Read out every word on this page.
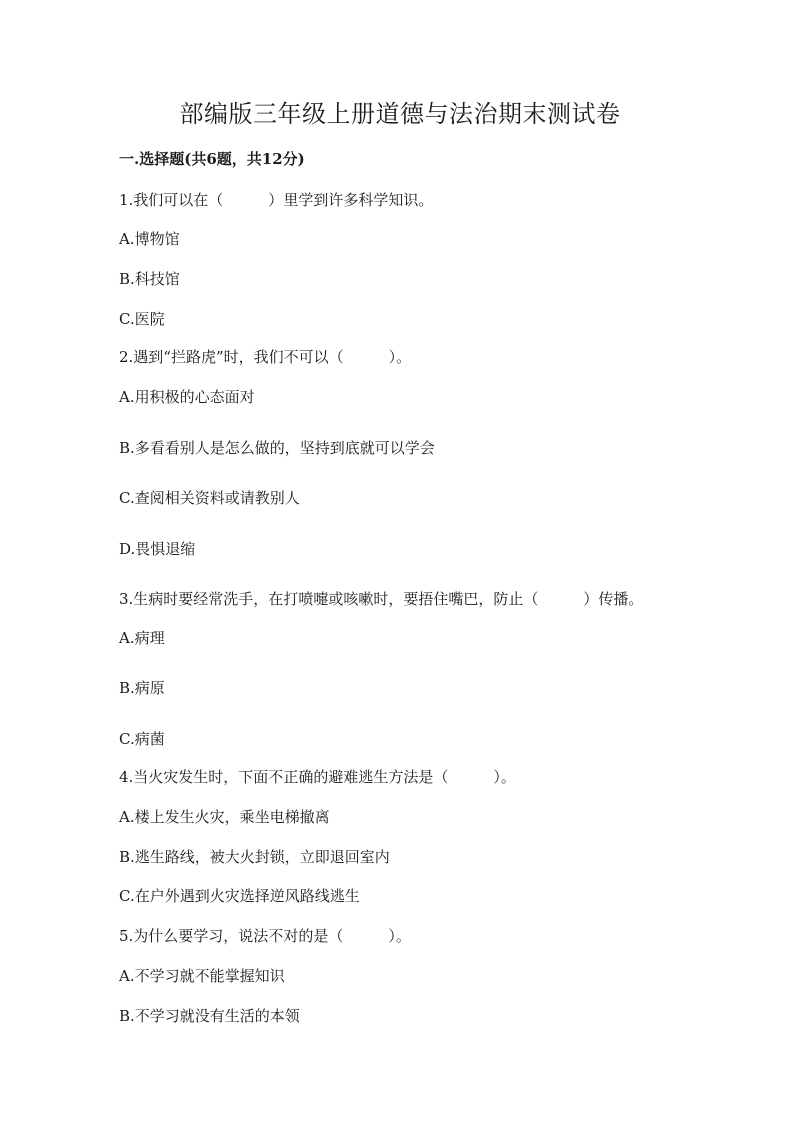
部编版三年级上册道德与法治期末测试卷
一.选择题(共6题，共12分)
1.我们可以在（　　　）里学到许多科学知识。
A.博物馆
B.科技馆
C.医院
2.遇到“拦路虎”时，我们不可以（　　　）。
A.用积极的心态面对
B.多看看别人是怎么做的，坚持到底就可以学会
C.查阅相关资料或请教别人
D.畏惧退缩
3.生病时要经常洗手，在打喷嚏或咳嗽时，要捂住嘴巴，防止（　　　）传播。
A.病理
B.病原
C.病菌
4.当火灾发生时，下面不正确的避难逃生方法是（　　　）。
A.楼上发生火灾，乘坐电梯撤离
B.逃生路线，被大火封锁，立即退回室内
C.在户外遇到火灾选择逆风路线逃生
5.为什么要学习，说法不对的是（　　　）。
A.不学习就不能掌握知识
B.不学习就没有生活的本领
